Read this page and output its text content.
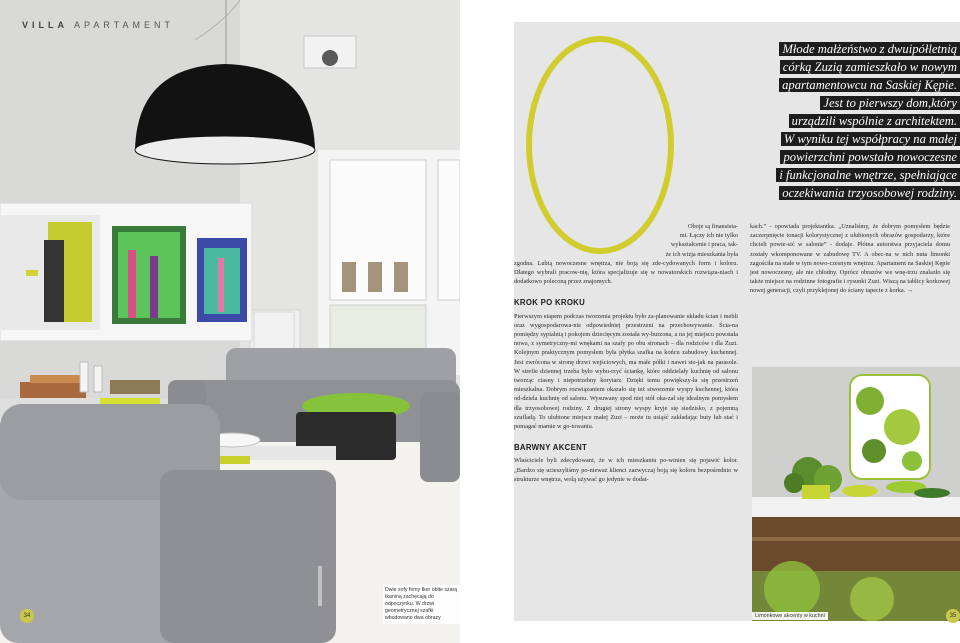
VILLA APARTAMENT
Dwie sofy firmy Iker obite szarą tkaniną zachęcają do odpoczynku. W drzwi geometrycznej szafki wbudowano dwa obrazy
34
Młode małżeństwo z dwuipółletnią
córką Zuzią zamieszkało w nowym
apartamentowcu na Saskiej Kępie.
Jest to pierwszy dom,który
urządzili wspólnie z architektem.
W wyniku tej współpracy na małej
powierzchni powstało nowoczesne
i funkcjonalne wnętrze, spełniające
oczekiwania trzyosobowej rodziny.
Oboje są finansista-
mi. Łączy ich nie tylko
wykształcenie i praca, tak-
że ich wizja mieszkania była

zgodna. Lubią nowoczesne wnętrza, nie boją się zde-cydowanych form i koloru. Dlatego wybrali pracow-nię, która specjalizuje się w nowatorskich rozwiąza-niach i dodatkowo poleconą przez znajomych.

KROK PO KROKU

Pierwszym etapem podczas tworzenia projektu było za-planowanie układu ścian i mebli oraz wygospodarowa-nie odpowiedniej przestrzeni na przechowywanie. Ścia-na pomiędzy sypialnią i pokojem dziecięcym została wy-burzona, a na jej miejscu powstała nowa, z symetryczny-mi wnękami na szafy po obu stronach – dla rodziców i dla Zuzi. Kolejnym praktycznym pomysłem była płytka szafka na końcu zabudowy kuchennej. Jest zwrócona w stronę drzwi wejściowych, ma małe półki i nawet sto-jak na parasole. W strefie dziennej trzeba było wybu-rzyć ściankę, które oddzielały kuchnię od salonu tworząc ciasny i niepotrzebny korytarz. Dzięki temu powiększy-ła się przestrzeń mieszkalna. Dobrym rozwiązaniem okazało się też stworzenie wyspy kuchennej, która od-dziela kuchnię od salonu. Wysuwany spod niej stół oka-zał się idealnym pomysłem dla trzyosobowej rodziny. Z drugiej strony wyspy kryje się siedzisko, z pojemną szufladą. To ulubione miejsce małej Zuzi – może tu usiąść zakładając buty lub stać i pomagać mamie w go-towaniu.

BARWNY AKCENT

Właściciele byli zdecydowani, że w ich mieszkaniu po-winien się pojawić kolor. „Bardzo się ucieszyliśmy po-nieważ klienci zazwyczaj boją się koloru bezpośrednio w strukturze wnętrza, wolą używać go jedynie w dodat-

kach.” - opowiada projektantka. „Uznaliśmy, że dobrym pomysłem będzie zaczerpnięcie tonacji kolorystycznej z ulubionych obrazów gospodarzy, które chcieli powie-sić w salonie” - dodaje. Płótna autorstwa przyjaciela domu zostały wkomponowane w zabudowę TV. A obec-na w nich nuta limonki zagościła na stałe w tym nowo-czesnym wnętrzu. Apartament na Saskiej Kępie jest nowoczesny, ale nie chłodny. Oprócz obrazów we wnę-trzu znalazło się także miejsce na rodzinne fotografie i rysunki Zuzi. Wiszą na tablicy korkowej nowej generacji, czyli przyklejonej do ściany tapecie z korka. →

Limonkowe akcenty w kuchni	35
